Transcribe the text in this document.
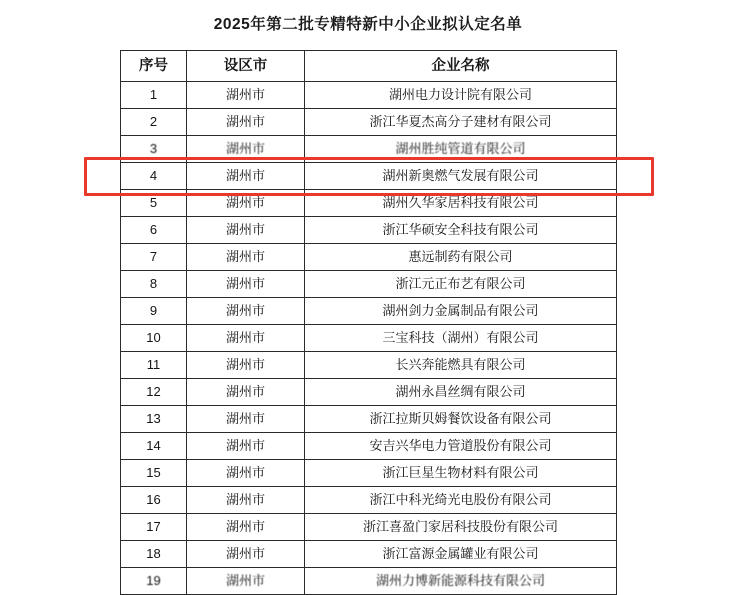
2025年第二批专精特新中小企业拟认定名单
序号	设区市	企业名称
1	湖州市	湖州电力设计院有限公司
2	湖州市	浙江华夏杰高分子建材有限公司
3	湖州市	湖州胜纯管道有限公司
4	湖州市	湖州新奥燃气发展有限公司
5	湖州市	湖州久华家居科技有限公司
6	湖州市	浙江华硕安全科技有限公司
7	湖州市	惠远制药有限公司
8	湖州市	浙江元正布艺有限公司
9	湖州市	湖州剑力金属制品有限公司
10	湖州市	三宝科技（湖州）有限公司
11	湖州市	长兴奔能燃具有限公司
12	湖州市	湖州永昌丝绸有限公司
13	湖州市	浙江拉斯贝姆餐饮设备有限公司
14	湖州市	安吉兴华电力管道股份有限公司
15	湖州市	浙江巨星生物材料有限公司
16	湖州市	浙江中科光绮光电股份有限公司
17	湖州市	浙江喜盈门家居科技股份有限公司
18	湖州市	浙江富源金属罐业有限公司
19	湖州市	湖州力博新能源科技有限公司
